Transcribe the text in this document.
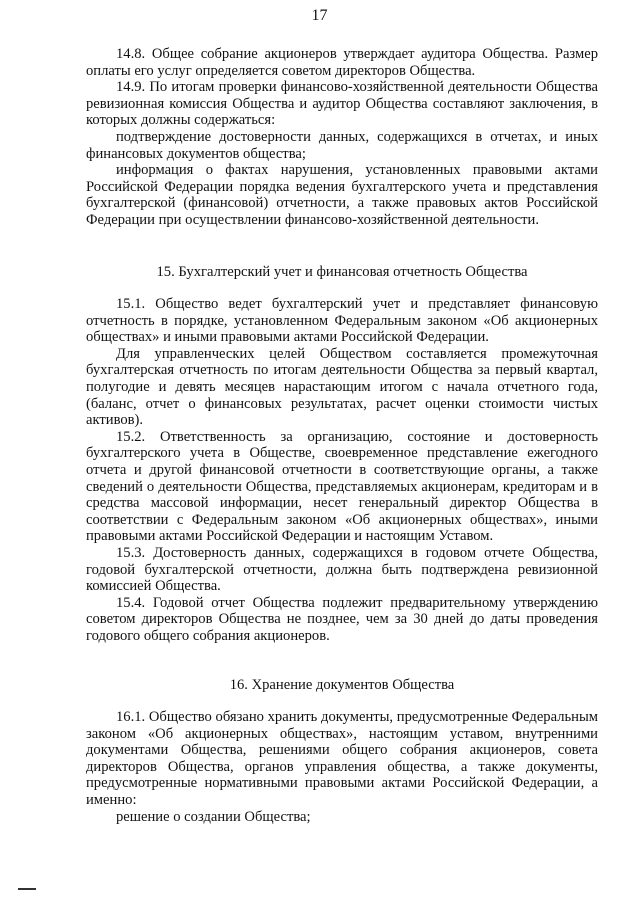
17

14.8. Общее собрание акционеров утверждает аудитора Общества. Размер оплаты его услуг определяется советом директоров Общества.

14.9. По итогам проверки финансово-хозяйственной деятельности Общества ревизионная комиссия Общества и аудитор Общества составляют заключения, в которых должны содержаться:

подтверждение достоверности данных, содержащихся в отчетах, и иных финансовых документов общества;

информация о фактах нарушения, установленных правовыми актами Российской Федерации порядка ведения бухгалтерского учета и представления бухгалтерской (финансовой) отчетности, а также правовых актов Российской Федерации при осуществлении финансово-хозяйственной деятельности.

15. Бухгалтерский учет и финансовая отчетность Общества

15.1. Общество ведет бухгалтерский учет и представляет финансовую отчетность в порядке, установленном Федеральным законом «Об акционерных обществах» и иными правовыми актами Российской Федерации.

Для управленческих целей Обществом составляется промежуточная бухгалтерская отчетность по итогам деятельности Общества за первый квартал, полугодие и девять месяцев нарастающим итогом с начала отчетного года, (баланс, отчет о финансовых результатах, расчет оценки стоимости чистых активов).

15.2. Ответственность за организацию, состояние и достоверность бухгалтерского учета в Обществе, своевременное представление ежегодного отчета и другой финансовой отчетности в соответствующие органы, а также сведений о деятельности Общества, представляемых акционерам, кредиторам и в средства массовой информации, несет генеральный директор Общества в соответствии с Федеральным законом «Об акционерных обществах», иными правовыми актами Российской Федерации и настоящим Уставом.

15.3. Достоверность данных, содержащихся в годовом отчете Общества, годовой бухгалтерской отчетности, должна быть подтверждена ревизионной комиссией Общества.

15.4. Годовой отчет Общества подлежит предварительному утверждению советом директоров Общества не позднее, чем за 30 дней до даты проведения годового общего собрания акционеров.

16. Хранение документов Общества

16.1. Общество обязано хранить документы, предусмотренные Федеральным законом «Об акционерных обществах», настоящим уставом, внутренними документами Общества, решениями общего собрания акционеров, совета директоров Общества, органов управления общества, а также документы, предусмотренные нормативными правовыми актами Российской Федерации, а именно:

решение о создании Общества;
